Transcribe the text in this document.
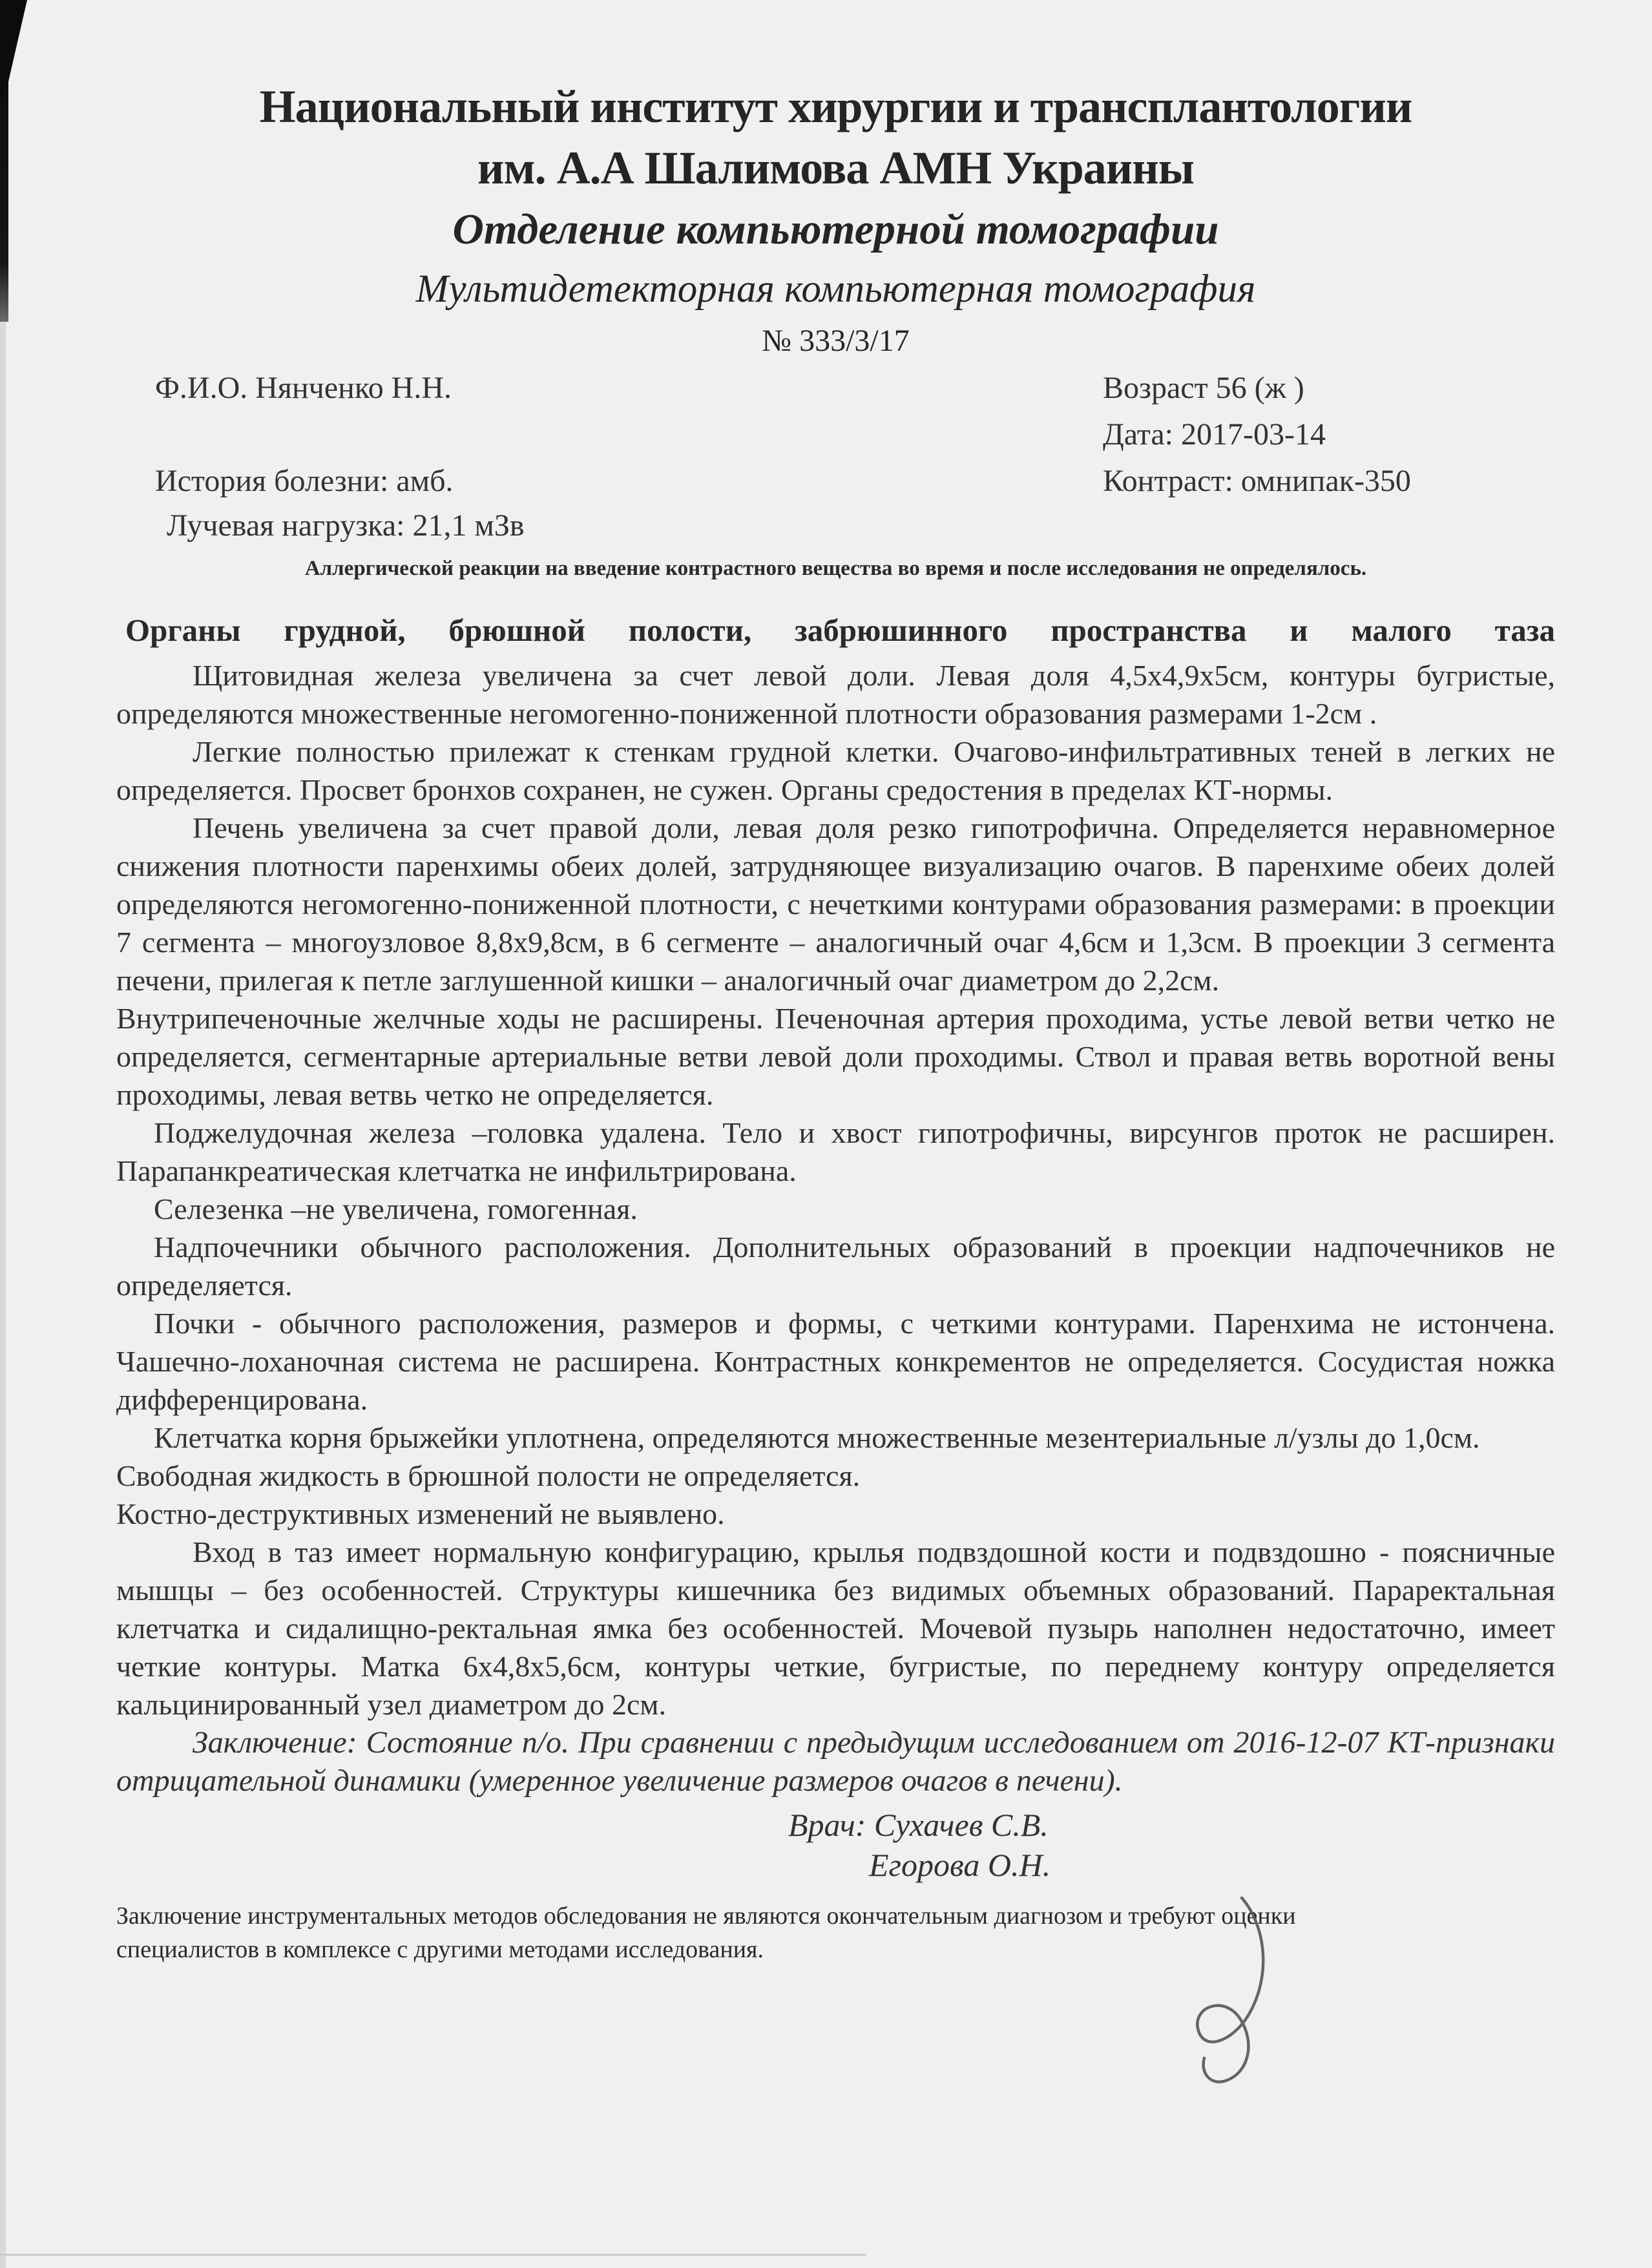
Национальный институт хирургии и трансплантологии
им. А.А Шалимова АМН Украины
Отделение компьютерной томографии
Мультидетекторная компьютерная томография
№ 333/3/17
Ф.И.О. Нянченко Н.Н.	Возраст 56 (ж )
Дата: 2017-03-14
История болезни: амб.	Контраст: омнипак-350
Лучевая нагрузка: 21,1 мЗв
Аллергической реакции на введение контрастного вещества во время и после исследования не определялось.
Органы грудной, брюшной полости, забрюшинного пространства и малого таза
Щитовидная железа увеличена за счет левой доли. Левая доля 4,5х4,9х5см, контуры бугристые, определяются множественные негомогенно-пониженной плотности образования размерами 1-2см .
Легкие полностью прилежат к стенкам грудной клетки. Очагово-инфильтративных теней в легких не определяется. Просвет бронхов сохранен, не сужен. Органы средостения в пределах КТ-нормы.
Печень увеличена за счет правой доли, левая доля резко гипотрофична. Определяется неравномерное снижения плотности паренхимы обеих долей, затрудняющее визуализацию очагов. В паренхиме обеих долей определяются негомогенно-пониженной плотности, с нечеткими контурами образования размерами: в проекции 7 сегмента – многоузловое 8,8х9,8см, в 6 сегменте – аналогичный очаг 4,6см и 1,3см. В проекции 3 сегмента печени, прилегая к петле заглушенной кишки – аналогичный очаг диаметром до 2,2см.
Внутрипеченочные желчные ходы не расширены. Печеночная артерия проходима, устье левой ветви четко не определяется, сегментарные артериальные ветви левой доли проходимы. Ствол и правая ветвь воротной вены проходимы, левая ветвь четко не определяется.
Поджелудочная железа –головка удалена. Тело и хвост гипотрофичны, вирсунгов проток не расширен. Парапанкреатическая клетчатка не инфильтрирована.
Селезенка –не увеличена, гомогенная.
Надпочечники обычного расположения. Дополнительных образований в проекции надпочечников не определяется.
Почки - обычного расположения, размеров и формы, с четкими контурами. Паренхима не истончена. Чашечно-лоханочная система не расширена. Контрастных конкрементов не определяется. Сосудистая ножка дифференцирована.
Клетчатка корня брыжейки уплотнена, определяются множественные мезентериальные л/узлы до 1,0см.
Свободная жидкость в брюшной полости не определяется.
Костно-деструктивных изменений не выявлено.
Вход в таз имеет нормальную конфигурацию, крылья подвздошной кости и подвздошно - поясничные мышцы – без особенностей. Структуры кишечника без видимых объемных образований. Параректальная клетчатка и сидалищно-ректальная ямка без особенностей. Мочевой пузырь наполнен недостаточно, имеет четкие контуры. Матка 6х4,8х5,6см, контуры четкие, бугристые, по переднему контуру определяется кальцинированный узел диаметром до 2см.
Заключение: Состояние п/о. При сравнении с предыдущим исследованием от 2016-12-07 КТ-признаки отрицательной динамики (умеренное увеличение размеров очагов в печени).
Врач: Сухачев С.В.
Егорова О.Н.
Заключение инструментальных методов обследования не являются окончательным диагнозом и требуют оценки
специалистов в комплексе с другими методами исследования.
